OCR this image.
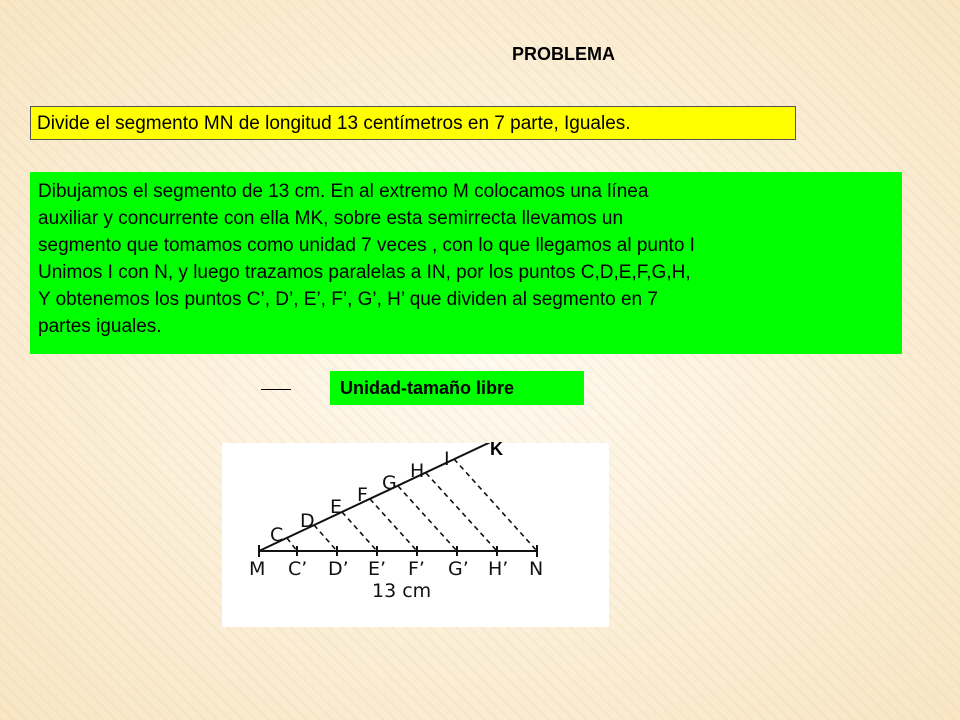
PROBLEMA
Divide el segmento MN de longitud 13 centímetros en 7 parte, Iguales.
Dibujamos el segmento de 13 cm. En al extremo M colocamos una línea
auxiliar y concurrente con ella MK, sobre esta semirrecta llevamos un
segmento que tomamos como unidad 7 veces , con lo que llegamos al punto I
Unimos I con N, y luego trazamos paralelas a IN, por los puntos C,D,E,F,G,H,
Y obtenemos los puntos C’, D’, E’, F’, G’, H’ que dividen al segmento en 7
partes iguales.
Unidad-tamaño libre
C
D
E
F
G
H
I
M C’ D’ E’ F’ G’ H’ N
13 cm
K
